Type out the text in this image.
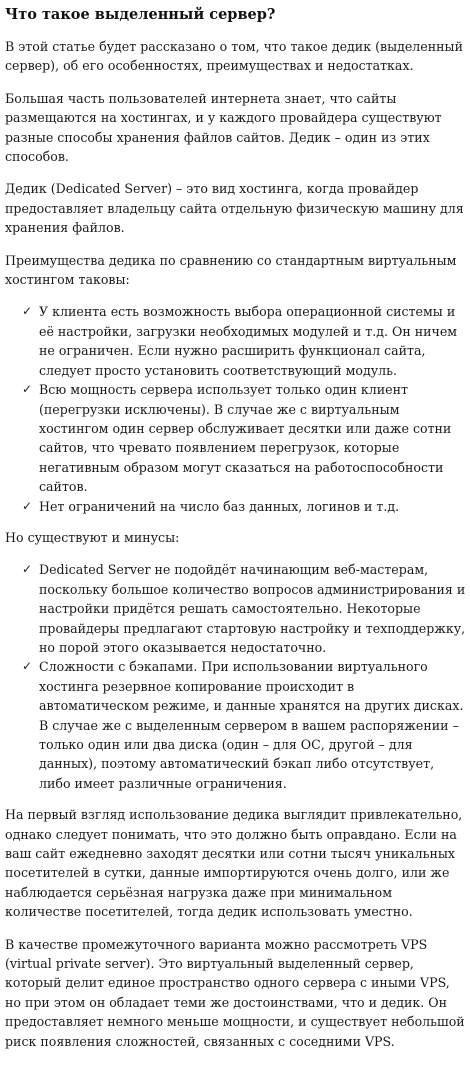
Что такое выделенный сервер?

В этой статье будет рассказано о том, что такое дедик (выделенный сервер), об его особенностях, преимуществах и недостатках.

Большая часть пользователей интернета знает, что сайты размещаются на хостингах, и у каждого провайдера существуют разные способы хранения файлов сайтов. Дедик – один из этих способов.

Дедик (Dedicated Server) – это вид хостинга, когда провайдер предоставляет владельцу сайта отдельную физическую машину для хранения файлов.

Преимущества дедика по сравнению со стандартным виртуальным хостингом таковы:

✓ У клиента есть возможность выбора операционной системы и её настройки, загрузки необходимых модулей и т.д. Он ничем не ограничен. Если нужно расширить функционал сайта, следует просто установить соответствующий модуль.
✓ Всю мощность сервера использует только один клиент (перегрузки исключены). В случае же с виртуальным хостингом один сервер обслуживает десятки или даже сотни сайтов, что чревато появлением перегрузок, которые негативным образом могут сказаться на работоспособности сайтов.
✓ Нет ограничений на число баз данных, логинов и т.д.

Но существуют и минусы:

✓ Dedicated Server не подойдёт начинающим веб-мастерам, поскольку большое количество вопросов администрирования и настройки придётся решать самостоятельно. Некоторые провайдеры предлагают стартовую настройку и техподдержку, но порой этого оказывается недостаточно.
✓ Сложности с бэкапами. При использовании виртуального хостинга резервное копирование происходит в автоматическом режиме, и данные хранятся на других дисках. В случае же с выделенным сервером в вашем распоряжении – только один или два диска (один – для ОС, другой – для данных), поэтому автоматический бэкап либо отсутствует, либо имеет различные ограничения.

На первый взгляд использование дедика выглядит привлекательно, однако следует понимать, что это должно быть оправдано. Если на ваш сайт ежедневно заходят десятки или сотни тысяч уникальных посетителей в сутки, данные импортируются очень долго, или же наблюдается серьёзная нагрузка даже при минимальном количестве посетителей, тогда дедик использовать уместно.

В качестве промежуточного варианта можно рассмотреть VPS (virtual private server). Это виртуальный выделенный сервер, который делит единое пространство одного сервера с иными VPS, но при этом он обладает теми же достоинствами, что и дедик. Он предоставляет немного меньше мощности, и существует небольшой риск появления сложностей, связанных с соседними VPS.
